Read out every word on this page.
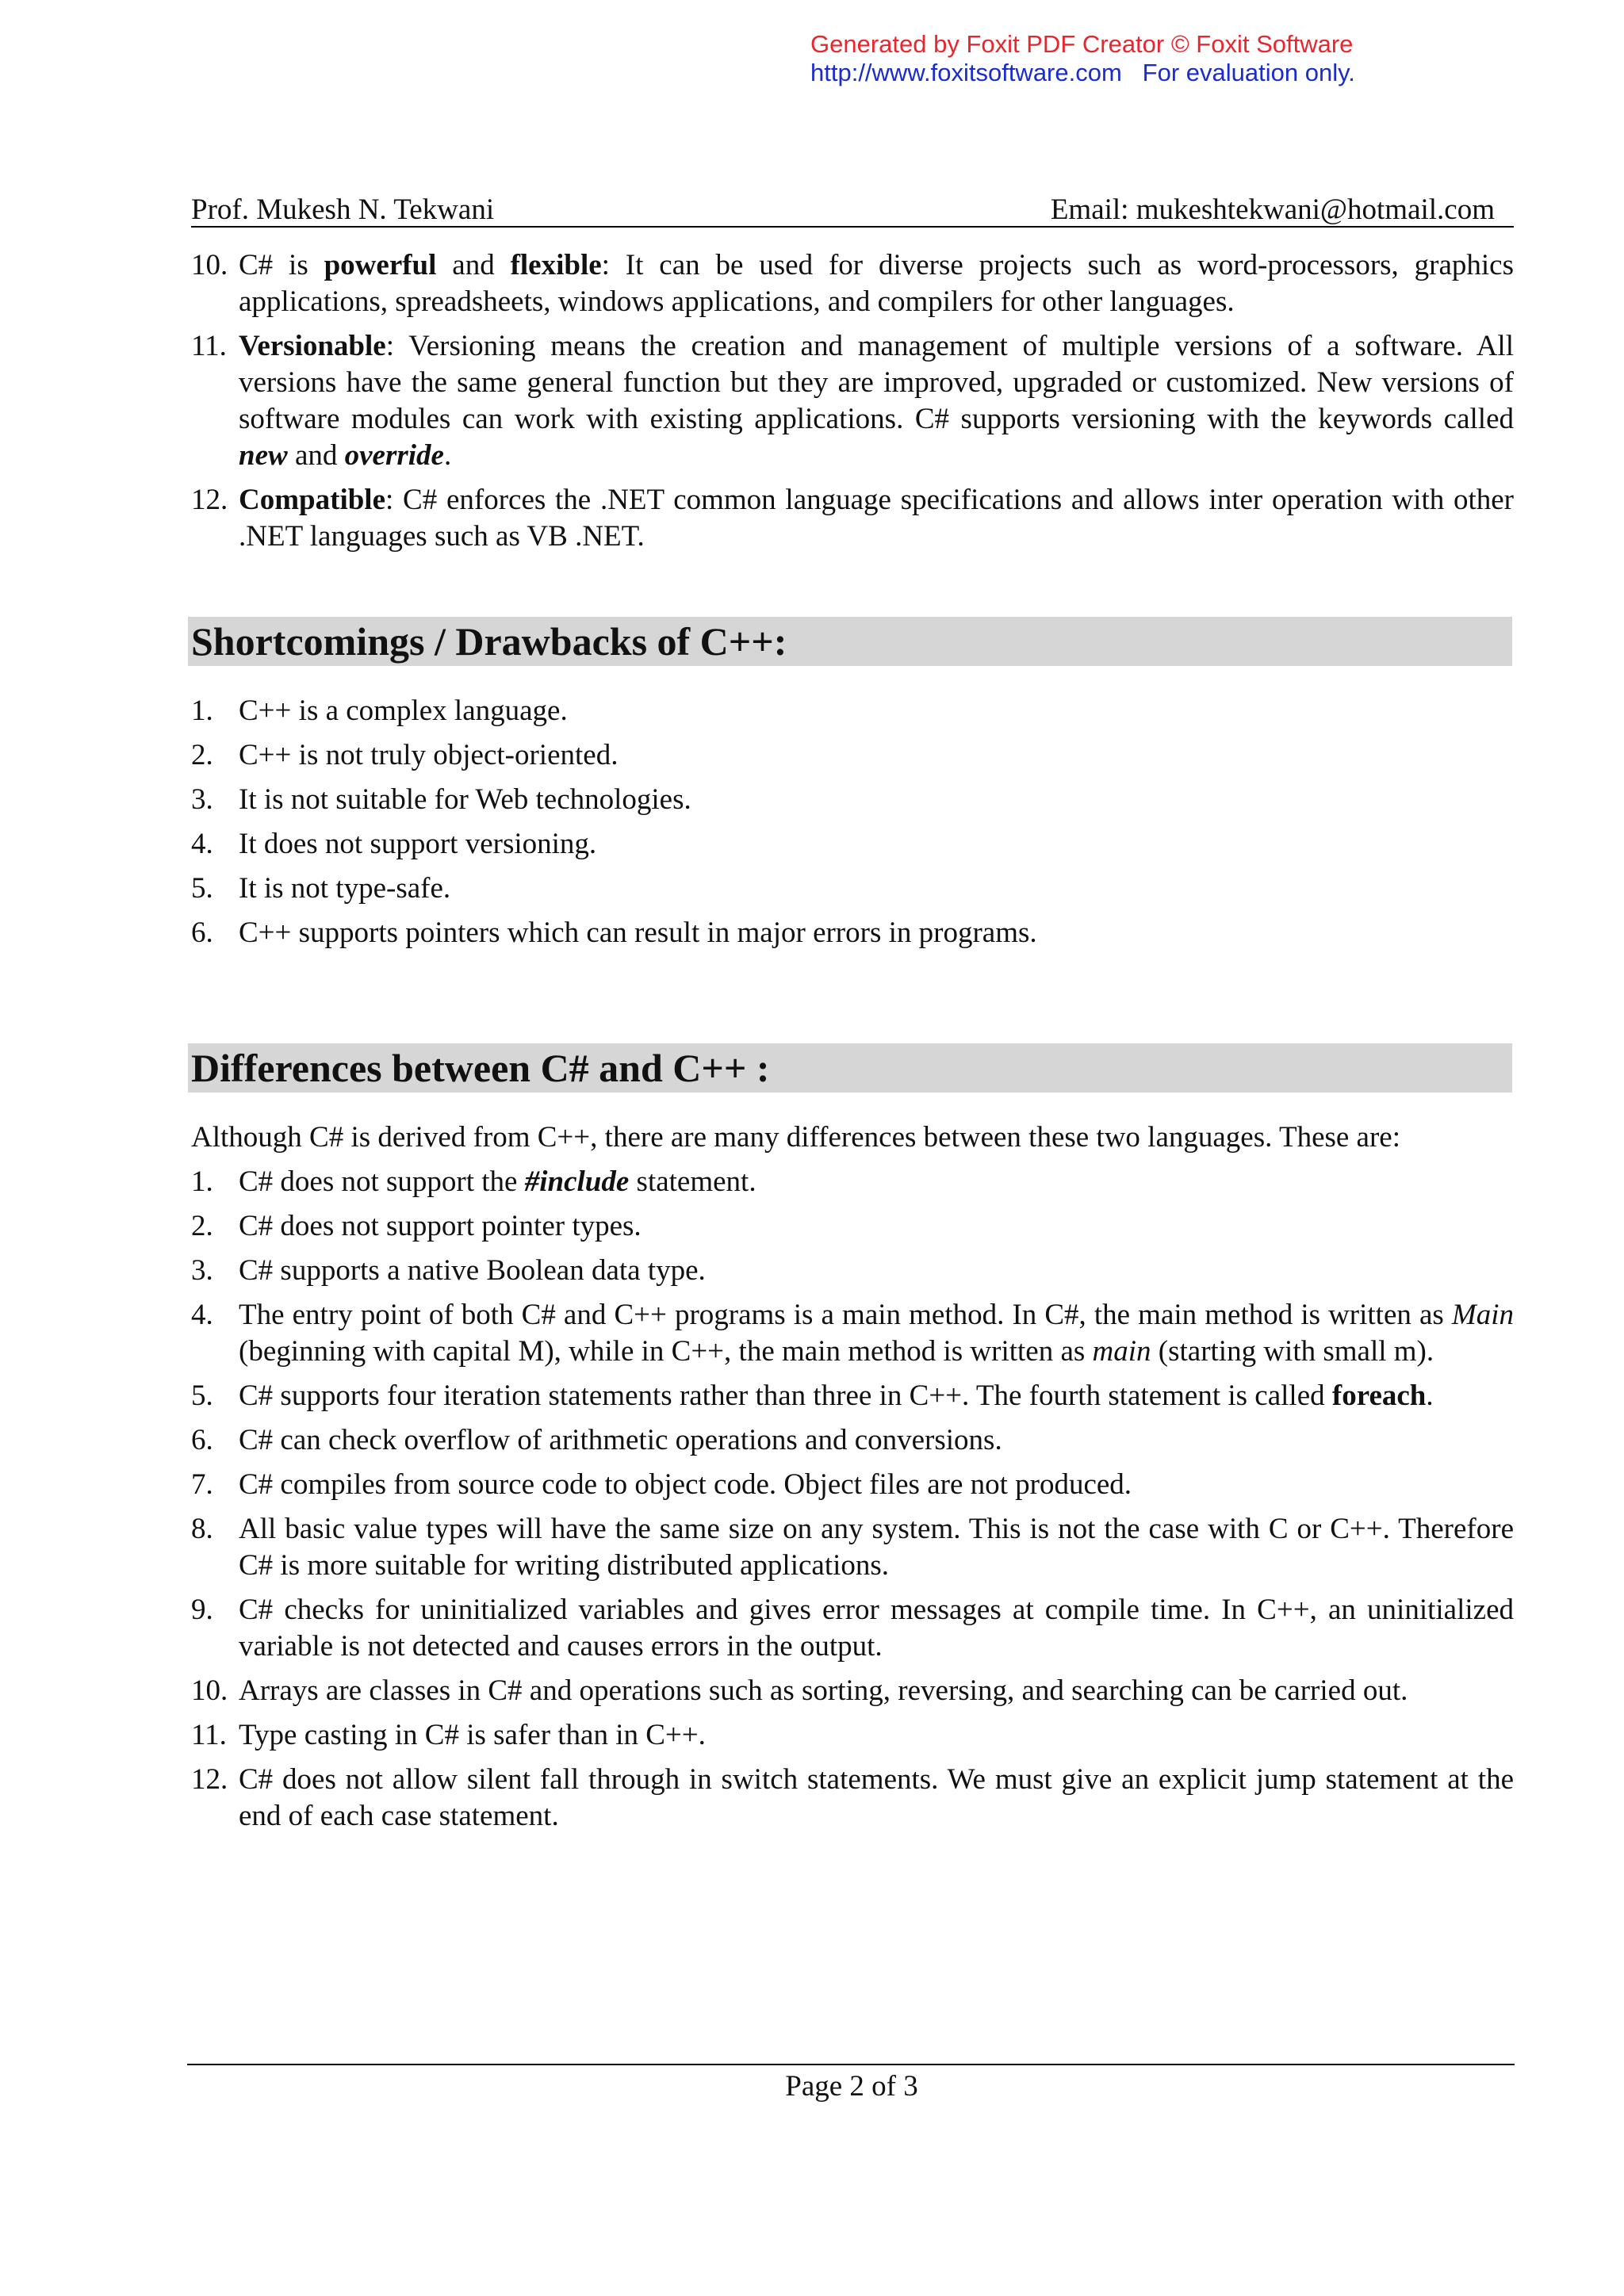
Generated by Foxit PDF Creator © Foxit Software
http://www.foxitsoftware.com For evaluation only.
Prof. Mukesh N. Tekwani	Email: mukeshtekwani@hotmail.com
10. C# is powerful and flexible: It can be used for diverse projects such as word-processors, graphics applications, spreadsheets, windows applications, and compilers for other languages.
11. Versionable: Versioning means the creation and management of multiple versions of a software. All versions have the same general function but they are improved, upgraded or customized. New versions of software modules can work with existing applications. C# supports versioning with the keywords called new and override.
12. Compatible: C# enforces the .NET common language specifications and allows inter operation with other .NET languages such as VB .NET.
Shortcomings / Drawbacks of C++:
1. C++ is a complex language.
2. C++ is not truly object-oriented.
3. It is not suitable for Web technologies.
4. It does not support versioning.
5. It is not type-safe.
6. C++ supports pointers which can result in major errors in programs.
Differences between C# and C++ :
Although C# is derived from C++, there are many differences between these two languages. These are:
1. C# does not support the #include statement.
2. C# does not support pointer types.
3. C# supports a native Boolean data type.
4. The entry point of both C# and C++ programs is a main method. In C#, the main method is written as Main (beginning with capital M), while in C++, the main method is written as main (starting with small m).
5. C# supports four iteration statements rather than three in C++. The fourth statement is called foreach.
6. C# can check overflow of arithmetic operations and conversions.
7. C# compiles from source code to object code. Object files are not produced.
8. All basic value types will have the same size on any system. This is not the case with C or C++. Therefore C# is more suitable for writing distributed applications.
9. C# checks for uninitialized variables and gives error messages at compile time. In C++, an uninitialized variable is not detected and causes errors in the output.
10. Arrays are classes in C# and operations such as sorting, reversing, and searching can be carried out.
11. Type casting in C# is safer than in C++.
12. C# does not allow silent fall through in switch statements. We must give an explicit jump statement at the end of each case statement.
Page 2 of 3
